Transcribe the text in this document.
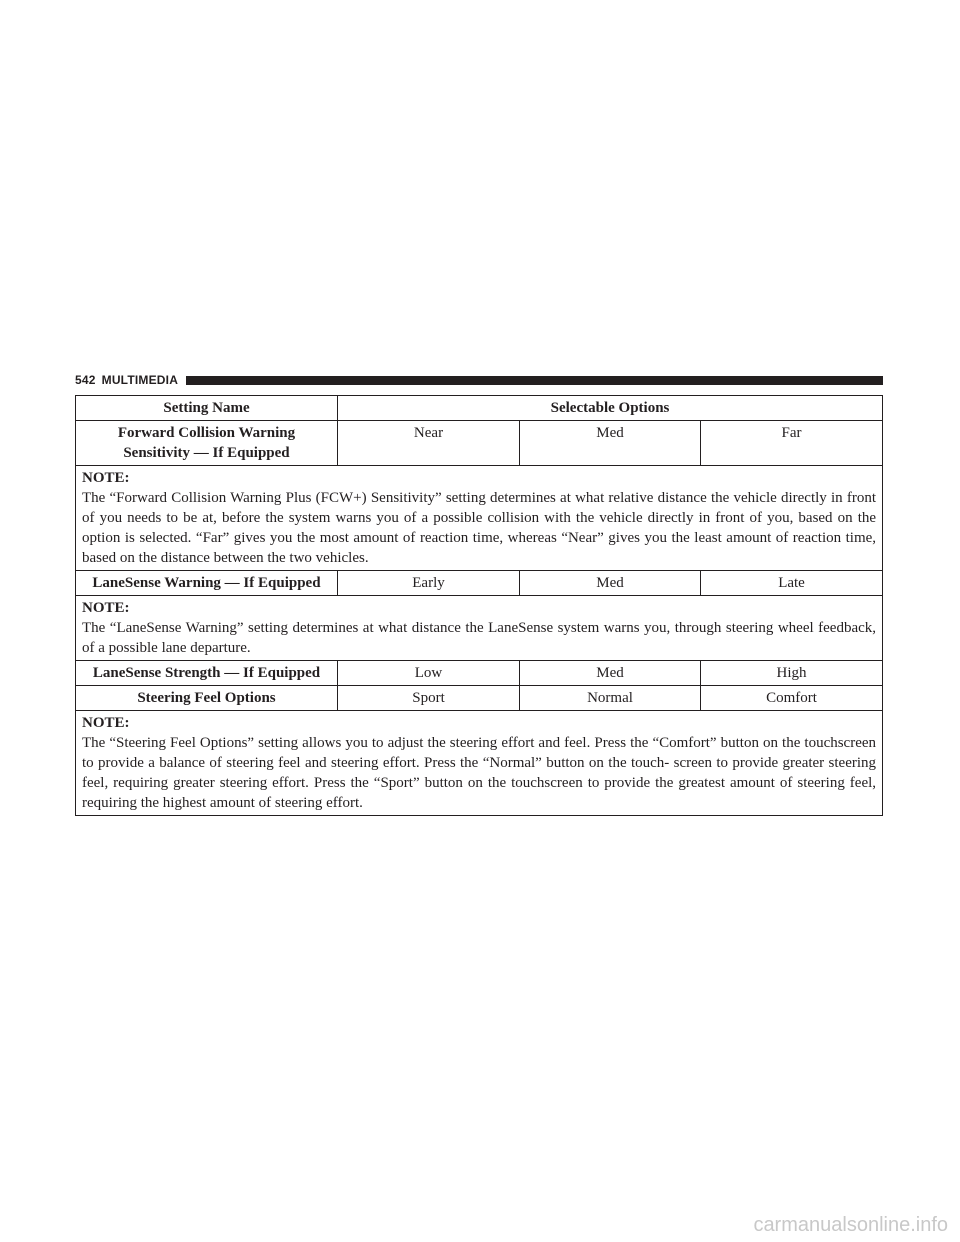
542 MULTIMEDIA
Setting Name	Selectable Options		
Forward Collision Warning
Sensitivity — If Equipped	Near	Med	Far

NOTE:
The “Forward Collision Warning Plus (FCW+) Sensitivity” setting determines at what relative distance the vehicle directly in front of you needs to be at, before the system warns you of a possible collision with the vehicle directly in front of you, based on the option is selected. “Far” gives you the most amount of reaction time, whereas “Near” gives you the least amount of reaction time, based on the distance between the two vehicles.			

LaneSense Warning — If Equipped	Early	Med	Late

NOTE:
The “LaneSense Warning” setting determines at what distance the LaneSense system warns you, through steering wheel feedback, of a possible lane departure.			

LaneSense Strength — If Equipped	Low	Med	High
Steering Feel Options	Sport	Normal	Comfort

NOTE:
The “Steering Feel Options” setting allows you to adjust the steering effort and feel. Press the “Comfort” button on the touchscreen to provide a balance of steering feel and steering effort. Press the “Normal” button on the touch- screen to provide greater steering feel, requiring greater steering effort. Press the “Sport” button on the touchscreen to provide the greatest amount of steering feel, requiring the highest amount of steering effort.			
carmanualsonline.info
